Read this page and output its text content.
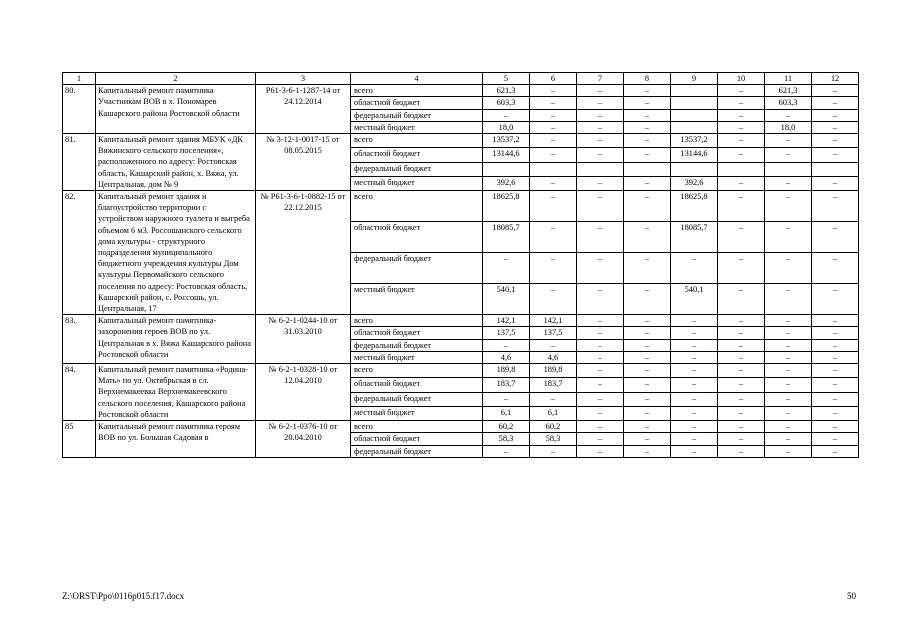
1	2	3	4	5	6	7	8	9	10	11	12
80.	Капитальный ремонт памятника Участникам ВОВ в х. Пономарев Кашарского района Ростовской области	Р61-3-6-1-1287-14 от 24.12.2014	всего	621,3	–	–	–		–	621,3	–
			областной бюджет	603,3	–	–	–		–	603,3	–
			федеральный бюджет	–	–	–	–		–	–	–
			местный бюджет	18,0	–	–	–		–	18,0	–
81.	Капитальный ремонт здания МБУК «ДК Вяжинского сельского поселения», расположенного по адресу: Ростовская область, Кашарский район, х. Вяжа, ул. Центральная, дом № 9	№ 3-12-1-0017-15 от 08.05.2015	всего	13537,2	–	–	–	13537,2	–	–	–
			областной бюджет	13144,6	–	–	–	13144,6	–	–	–
			федеральный бюджет								
			местный бюджет	392,6	–	–	–	392,6	–	–	–
82.	Капитальный ремонт здания и благоустройство территории с устройством наружного туалета и выгреба объемом 6 м3. Россошанского сельского дома культуры - структурного подразделения муниципального бюджетного учреждения культуры Дом культуры Первомайского сельского поселения по адресу: Ростовская область, Кашарский район, с. Россошь, ул. Центральная, 17	№ Р61-3-6-1-0882-15 от 22.12.2015	всего	18625,8	–	–	–	18625,8	–	–	–
			областной бюджет	18085,7	–	–	–	18085,7	–	–	–
			федеральный бюджет	–	–	–	–	–	–	–	–
			местный бюджет	540,1	–	–	–	540,1	–	–	–
83.	Капитальный ремонт памятника-захоронения героев ВОВ по ул. Центральная в х. Вяжа Кашарского района Ростовской области	№ 6-2-1-0244-10 от 31.03.2010	всего	142,1	142,1	–	–	–	–	–	–
			областной бюджет	137,5	137,5	–	–	–	–	–	–
			федеральный бюджет	–	–	–	–	–	–	–	–
			местный бюджет	4,6	4,6	–	–	–	–	–	–
84.	Капитальный ремонт памятника «Родина- Мать» по ул. Октябрьская в сл. Верхнемакеевка Верхнемакеевского сельского поселения, Кашарского района Ростовской области	№ 6-2-1-0328-10 от 12.04.2010	всего	189,8	189,8	–	–	–	–	–	–
			областной бюджет	183,7	183,7	–	–	–	–	–	–
			федеральный бюджет	–	–	–	–	–	–	–	–
			местный бюджет	6,1	6,1	–	–	–	–	–	–
85	Капитальный ремонт памятника героям ВОВ по ул. Большая Садовая в	№ 6-2-1-0376-10 от 20.04.2010	всего	60,2	60,2	–	–	–	–	–	–
			областной бюджет	58,3	58,3	–	–	–	–	–	–
			федеральный бюджет	–	–	–	–	–	–	–	–
Z:\ORST\Ppo\0116p015.f17.docx	50
